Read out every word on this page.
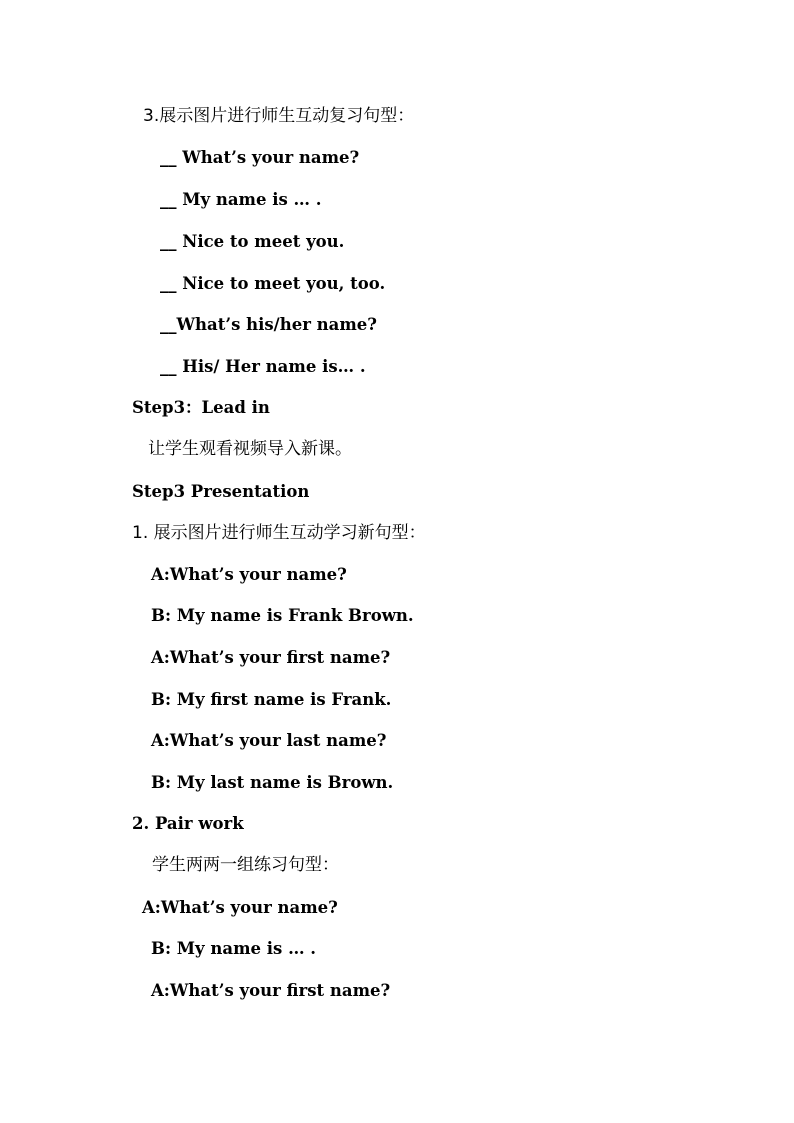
3.展示图片进行师生互动复习句型：
__ What’s your name?
__ My name is … .
__ Nice to meet you.
__ Nice to meet you, too.
__What’s his/her name?
__ His/ Her name is… .
Step3：Lead in
让学生观看视频导入新课。
Step3 Presentation
1. 展示图片进行师生互动学习新句型：
A:What’s your name?
B: My name is Frank Brown.
A:What’s your first name?
B: My first name is Frank.
A:What’s your last name?
B: My last name is Brown.
2. Pair work
学生两两一组练习句型：
A:What’s your name?
B: My name is … .
A:What’s your first name?
